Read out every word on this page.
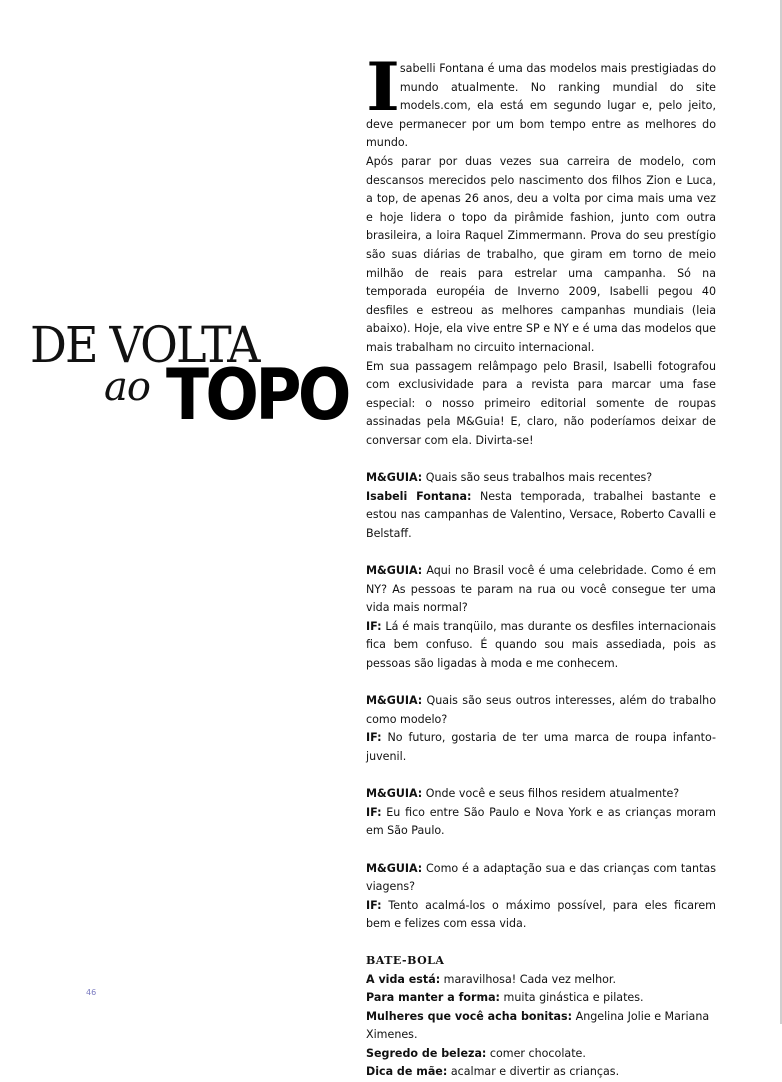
DE VOLTA
ao TOPO

Isabelli Fontana é uma das modelos mais prestigiadas do mundo atualmente. No ranking mundial do site models.com, ela está em segundo lugar e, pelo jeito, deve permanecer por um bom tempo entre as melhores do mundo.

Após parar por duas vezes sua carreira de modelo, com descansos merecidos pelo nascimento dos filhos Zion e Luca, a top, de apenas 26 anos, deu a volta por cima mais uma vez e hoje lidera o topo da pirâmide fashion, junto com outra brasileira, a loira Raquel Zimmermann. Prova do seu prestígio são suas diárias de trabalho, que giram em torno de meio milhão de reais para estrelar uma campanha. Só na temporada européia de Inverno 2009, Isabelli pegou 40 desfiles e estreou as melhores campanhas mundiais (leia abaixo). Hoje, ela vive entre SP e NY e é uma das modelos que mais trabalham no circuito internacional.

Em sua passagem relâmpago pelo Brasil, Isabelli fotografou com exclusividade para a revista para marcar uma fase especial: o nosso primeiro editorial somente de roupas assinadas pela M&Guia! E, claro, não poderíamos deixar de conversar com ela. Divirta-se!

M&GUIA: Quais são seus trabalhos mais recentes?

Isabeli Fontana: Nesta temporada, trabalhei bastante e estou nas campanhas de Valentino, Versace, Roberto Cavalli e Belstaff.

M&GUIA: Aqui no Brasil você é uma celebridade. Como é em NY? As pessoas te param na rua ou você consegue ter uma vida mais normal?

IF: Lá é mais tranqüilo, mas durante os desfiles internacionais fica bem confuso. É quando sou mais assediada, pois as pessoas são ligadas à moda e me conhecem.

M&GUIA: Quais são seus outros interesses, além do trabalho como modelo?

IF: No futuro, gostaria de ter uma marca de roupa infanto-juvenil.

M&GUIA: Onde você e seus filhos residem atualmente?

IF: Eu fico entre São Paulo e Nova York e as crianças moram em São Paulo.

M&GUIA: Como é a adaptação sua e das crianças com tantas viagens?

IF: Tento acalmá-los o máximo possível, para eles ficarem bem e felizes com essa vida.

BATE-BOLA

A vida está: maravilhosa! Cada vez melhor.

Para manter a forma: muita ginástica e pilates.

Mulheres que você acha bonitas: Angelina Jolie e Mariana Ximenes.

Segredo de beleza: comer chocolate.

Dica de mãe: acalmar e divertir as crianças.

46
